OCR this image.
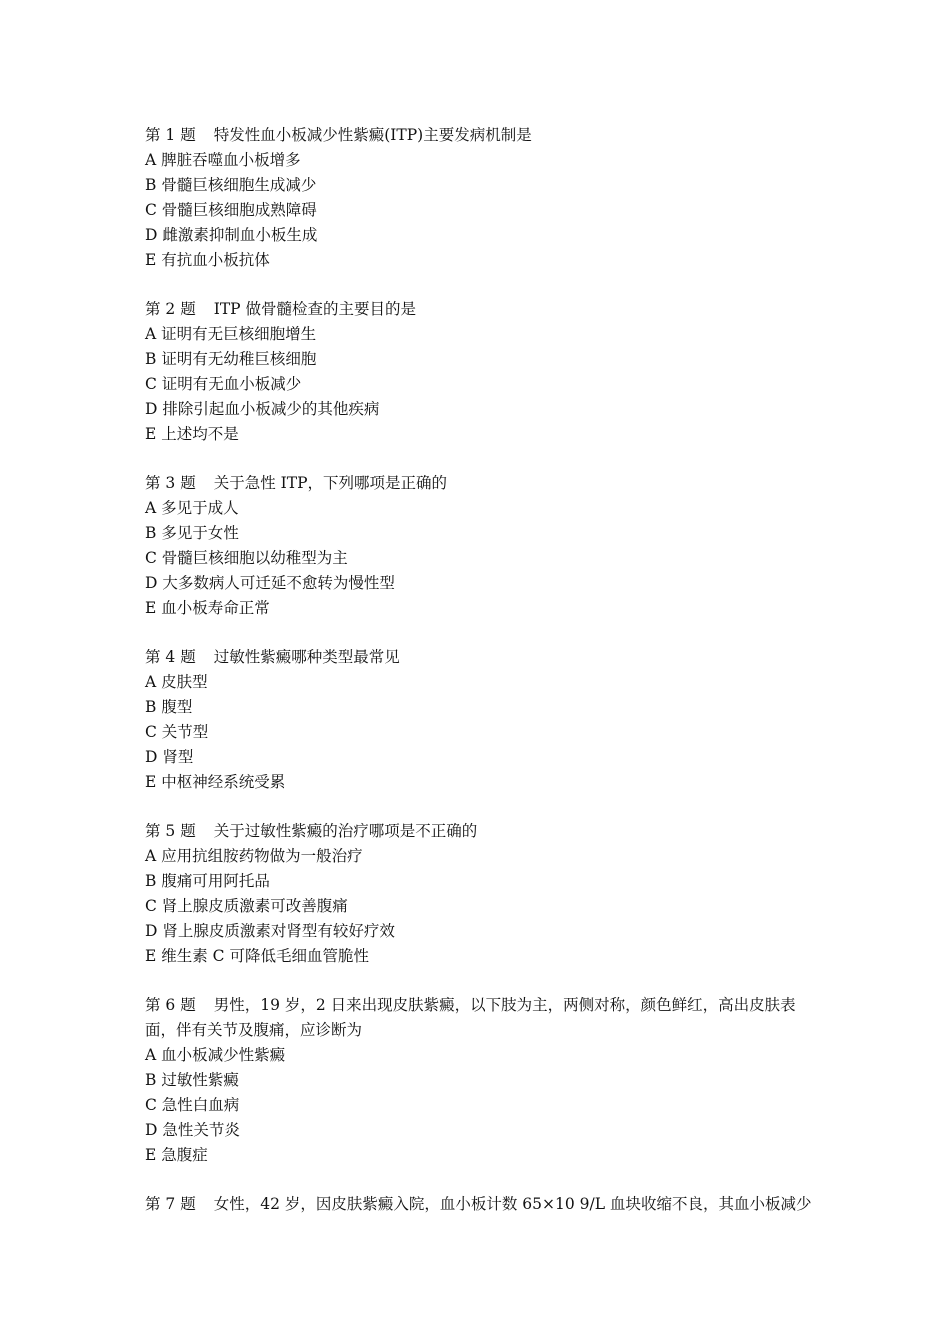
第 1 题 特发性血小板减少性紫癜(ITP)主要发病机制是

A 脾脏吞噬血小板增多

B 骨髓巨核细胞生成减少

C 骨髓巨核细胞成熟障碍

D 雌激素抑制血小板生成

E 有抗血小板抗体

第 2 题 ITP 做骨髓检查的主要目的是

A 证明有无巨核细胞增生

B 证明有无幼稚巨核细胞

C 证明有无血小板减少

D 排除引起血小板减少的其他疾病

E 上述均不是

第 3 题 关于急性 ITP，下列哪项是正确的

A 多见于成人

B 多见于女性

C 骨髓巨核细胞以幼稚型为主

D 大多数病人可迁延不愈转为慢性型

E 血小板寿命正常

第 4 题 过敏性紫癜哪种类型最常见

A 皮肤型

B 腹型

C 关节型

D 肾型

E 中枢神经系统受累

第 5 题 关于过敏性紫癜的治疗哪项是不正确的

A 应用抗组胺药物做为一般治疗

B 腹痛可用阿托品

C 肾上腺皮质激素可改善腹痛

D 肾上腺皮质激素对肾型有较好疗效

E 维生素 C 可降低毛细血管脆性

第 6 题 男性，19 岁，2 日来出现皮肤紫癜，以下肢为主，两侧对称，颜色鲜红，高出皮肤表面，伴有关节及腹痛，应诊断为

A 血小板减少性紫癜

B 过敏性紫癜

C 急性白血病

D 急性关节炎

E 急腹症

第 7 题 女性，42 岁，因皮肤紫癜入院，血小板计数 65×10 9/L 血块收缩不良，其血小板减少
